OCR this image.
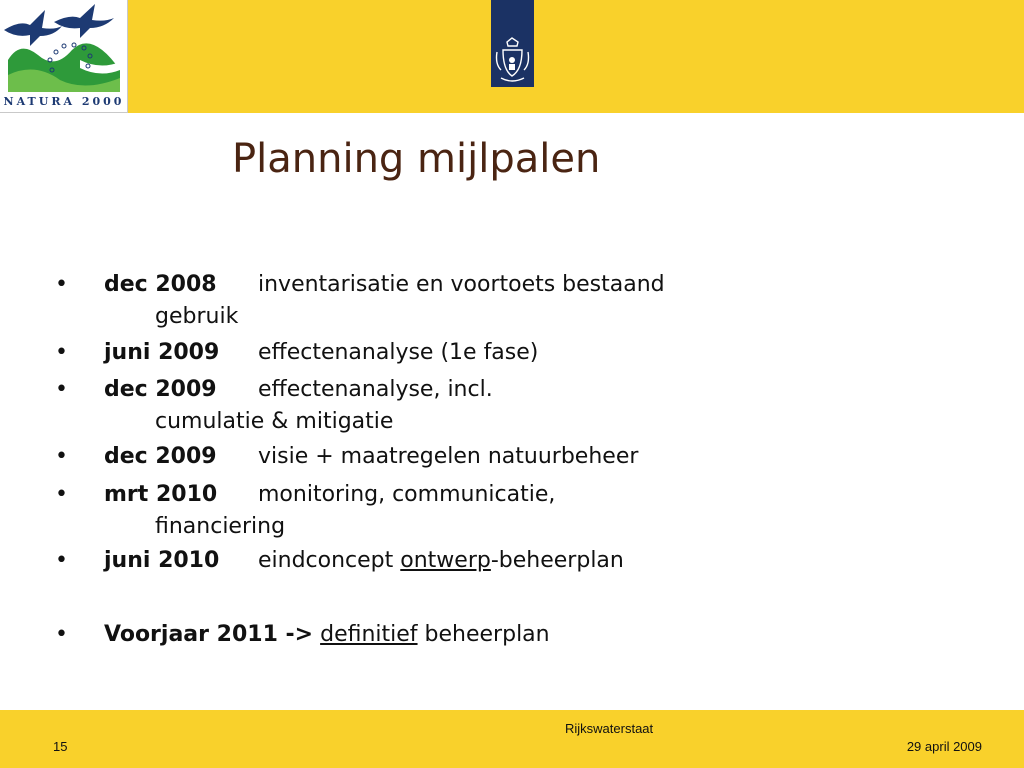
NATURA 2000
Planning mijlpalen
• dec 2008 inventarisatie en voortoets bestaand
gebruik
• juni 2009 effectenanalyse (1e fase)
• dec 2009 effectenanalyse, incl.
cumulatie & mitigatie
• dec 2009 visie + maatregelen natuurbeheer
• mrt 2010 monitoring, communicatie,
financiering
• juni 2010 eindconcept ontwerp-beheerplan
• Voorjaar 2011 -> definitief beheerplan
Rijkswaterstaat
15	29 april 2009
